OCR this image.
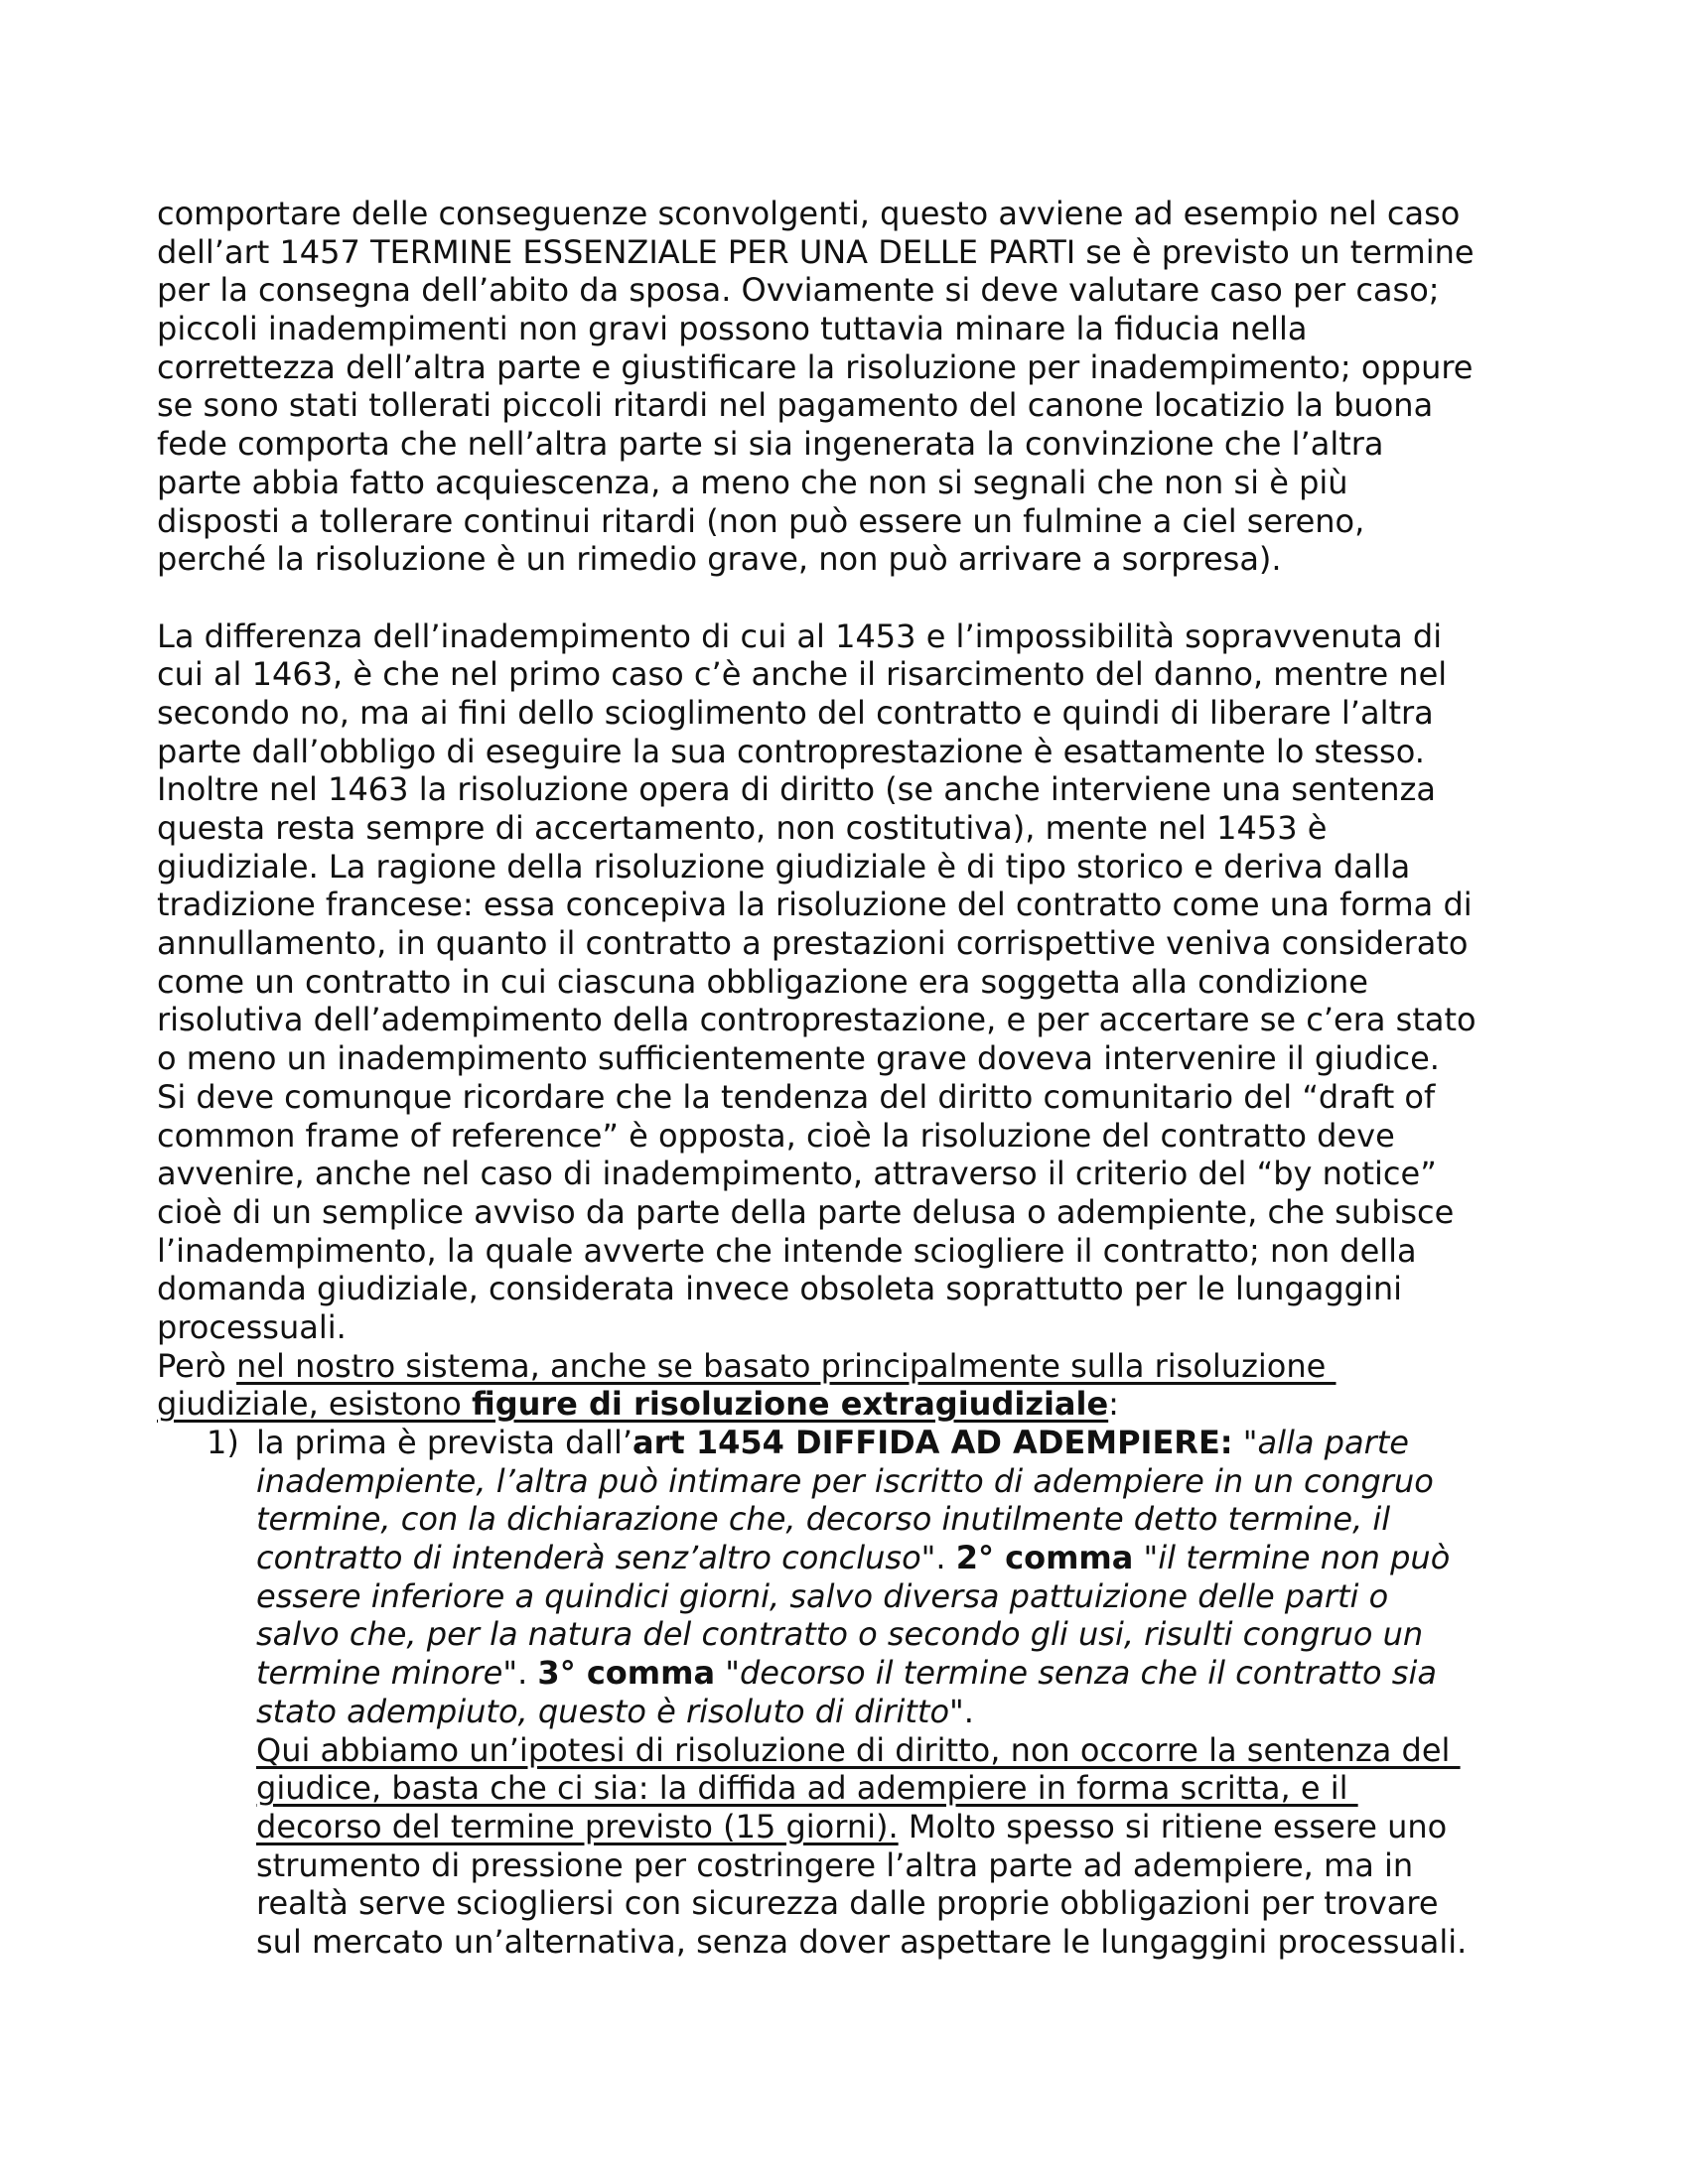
comportare delle conseguenze sconvolgenti, questo avviene ad esempio nel caso
dell’art 1457 TERMINE ESSENZIALE PER UNA DELLE PARTI se è previsto un termine
per la consegna dell’abito da sposa. Ovviamente si deve valutare caso per caso;
piccoli inadempimenti non gravi possono tuttavia minare la fiducia nella
correttezza dell’altra parte e giustificare la risoluzione per inadempimento; oppure
se sono stati tollerati piccoli ritardi nel pagamento del canone locatizio la buona
fede comporta che nell’altra parte si sia ingenerata la convinzione che l’altra
parte abbia fatto acquiescenza, a meno che non si segnali che non si è più
disposti a tollerare continui ritardi (non può essere un fulmine a ciel sereno,
perché la risoluzione è un rimedio grave, non può arrivare a sorpresa).
La differenza dell’inadempimento di cui al 1453 e l’impossibilità sopravvenuta di
cui al 1463, è che nel primo caso c’è anche il risarcimento del danno, mentre nel
secondo no, ma ai fini dello scioglimento del contratto e quindi di liberare l’altra
parte dall’obbligo di eseguire la sua controprestazione è esattamente lo stesso.
Inoltre nel 1463 la risoluzione opera di diritto (se anche interviene una sentenza
questa resta sempre di accertamento, non costitutiva), mente nel 1453 è
giudiziale. La ragione della risoluzione giudiziale è di tipo storico e deriva dalla
tradizione francese: essa concepiva la risoluzione del contratto come una forma di
annullamento, in quanto il contratto a prestazioni corrispettive veniva considerato
come un contratto in cui ciascuna obbligazione era soggetta alla condizione
risolutiva dell’adempimento della controprestazione, e per accertare se c’era stato
o meno un inadempimento sufficientemente grave doveva intervenire il giudice.
Si deve comunque ricordare che la tendenza del diritto comunitario del “draft of
common frame of reference” è opposta, cioè la risoluzione del contratto deve
avvenire, anche nel caso di inadempimento, attraverso il criterio del “by notice”
cioè di un semplice avviso da parte della parte delusa o adempiente, che subisce
l’inadempimento, la quale avverte che intende sciogliere il contratto; non della
domanda giudiziale, considerata invece obsoleta soprattutto per le lungaggini
processuali.
Però nel nostro sistema, anche se basato principalmente sulla risoluzione
giudiziale, esistono figure di risoluzione extragiudiziale:
1) la prima è prevista dall’art 1454 DIFFIDA AD ADEMPIERE: "alla parte
inadempiente, l’altra può intimare per iscritto di adempiere in un congruo
termine, con la dichiarazione che, decorso inutilmente detto termine, il
contratto di intenderà senz’altro concluso". 2° comma "il termine non può
essere inferiore a quindici giorni, salvo diversa pattuizione delle parti o
salvo che, per la natura del contratto o secondo gli usi, risulti congruo un
termine minore". 3° comma "decorso il termine senza che il contratto sia
stato adempiuto, questo è risoluto di diritto".
Qui abbiamo un’ipotesi di risoluzione di diritto, non occorre la sentenza del
giudice, basta che ci sia: la diffida ad adempiere in forma scritta, e il
decorso del termine previsto (15 giorni). Molto spesso si ritiene essere uno
strumento di pressione per costringere l’altra parte ad adempiere, ma in
realtà serve sciogliersi con sicurezza dalle proprie obbligazioni per trovare
sul mercato un’alternativa, senza dover aspettare le lungaggini processuali.
